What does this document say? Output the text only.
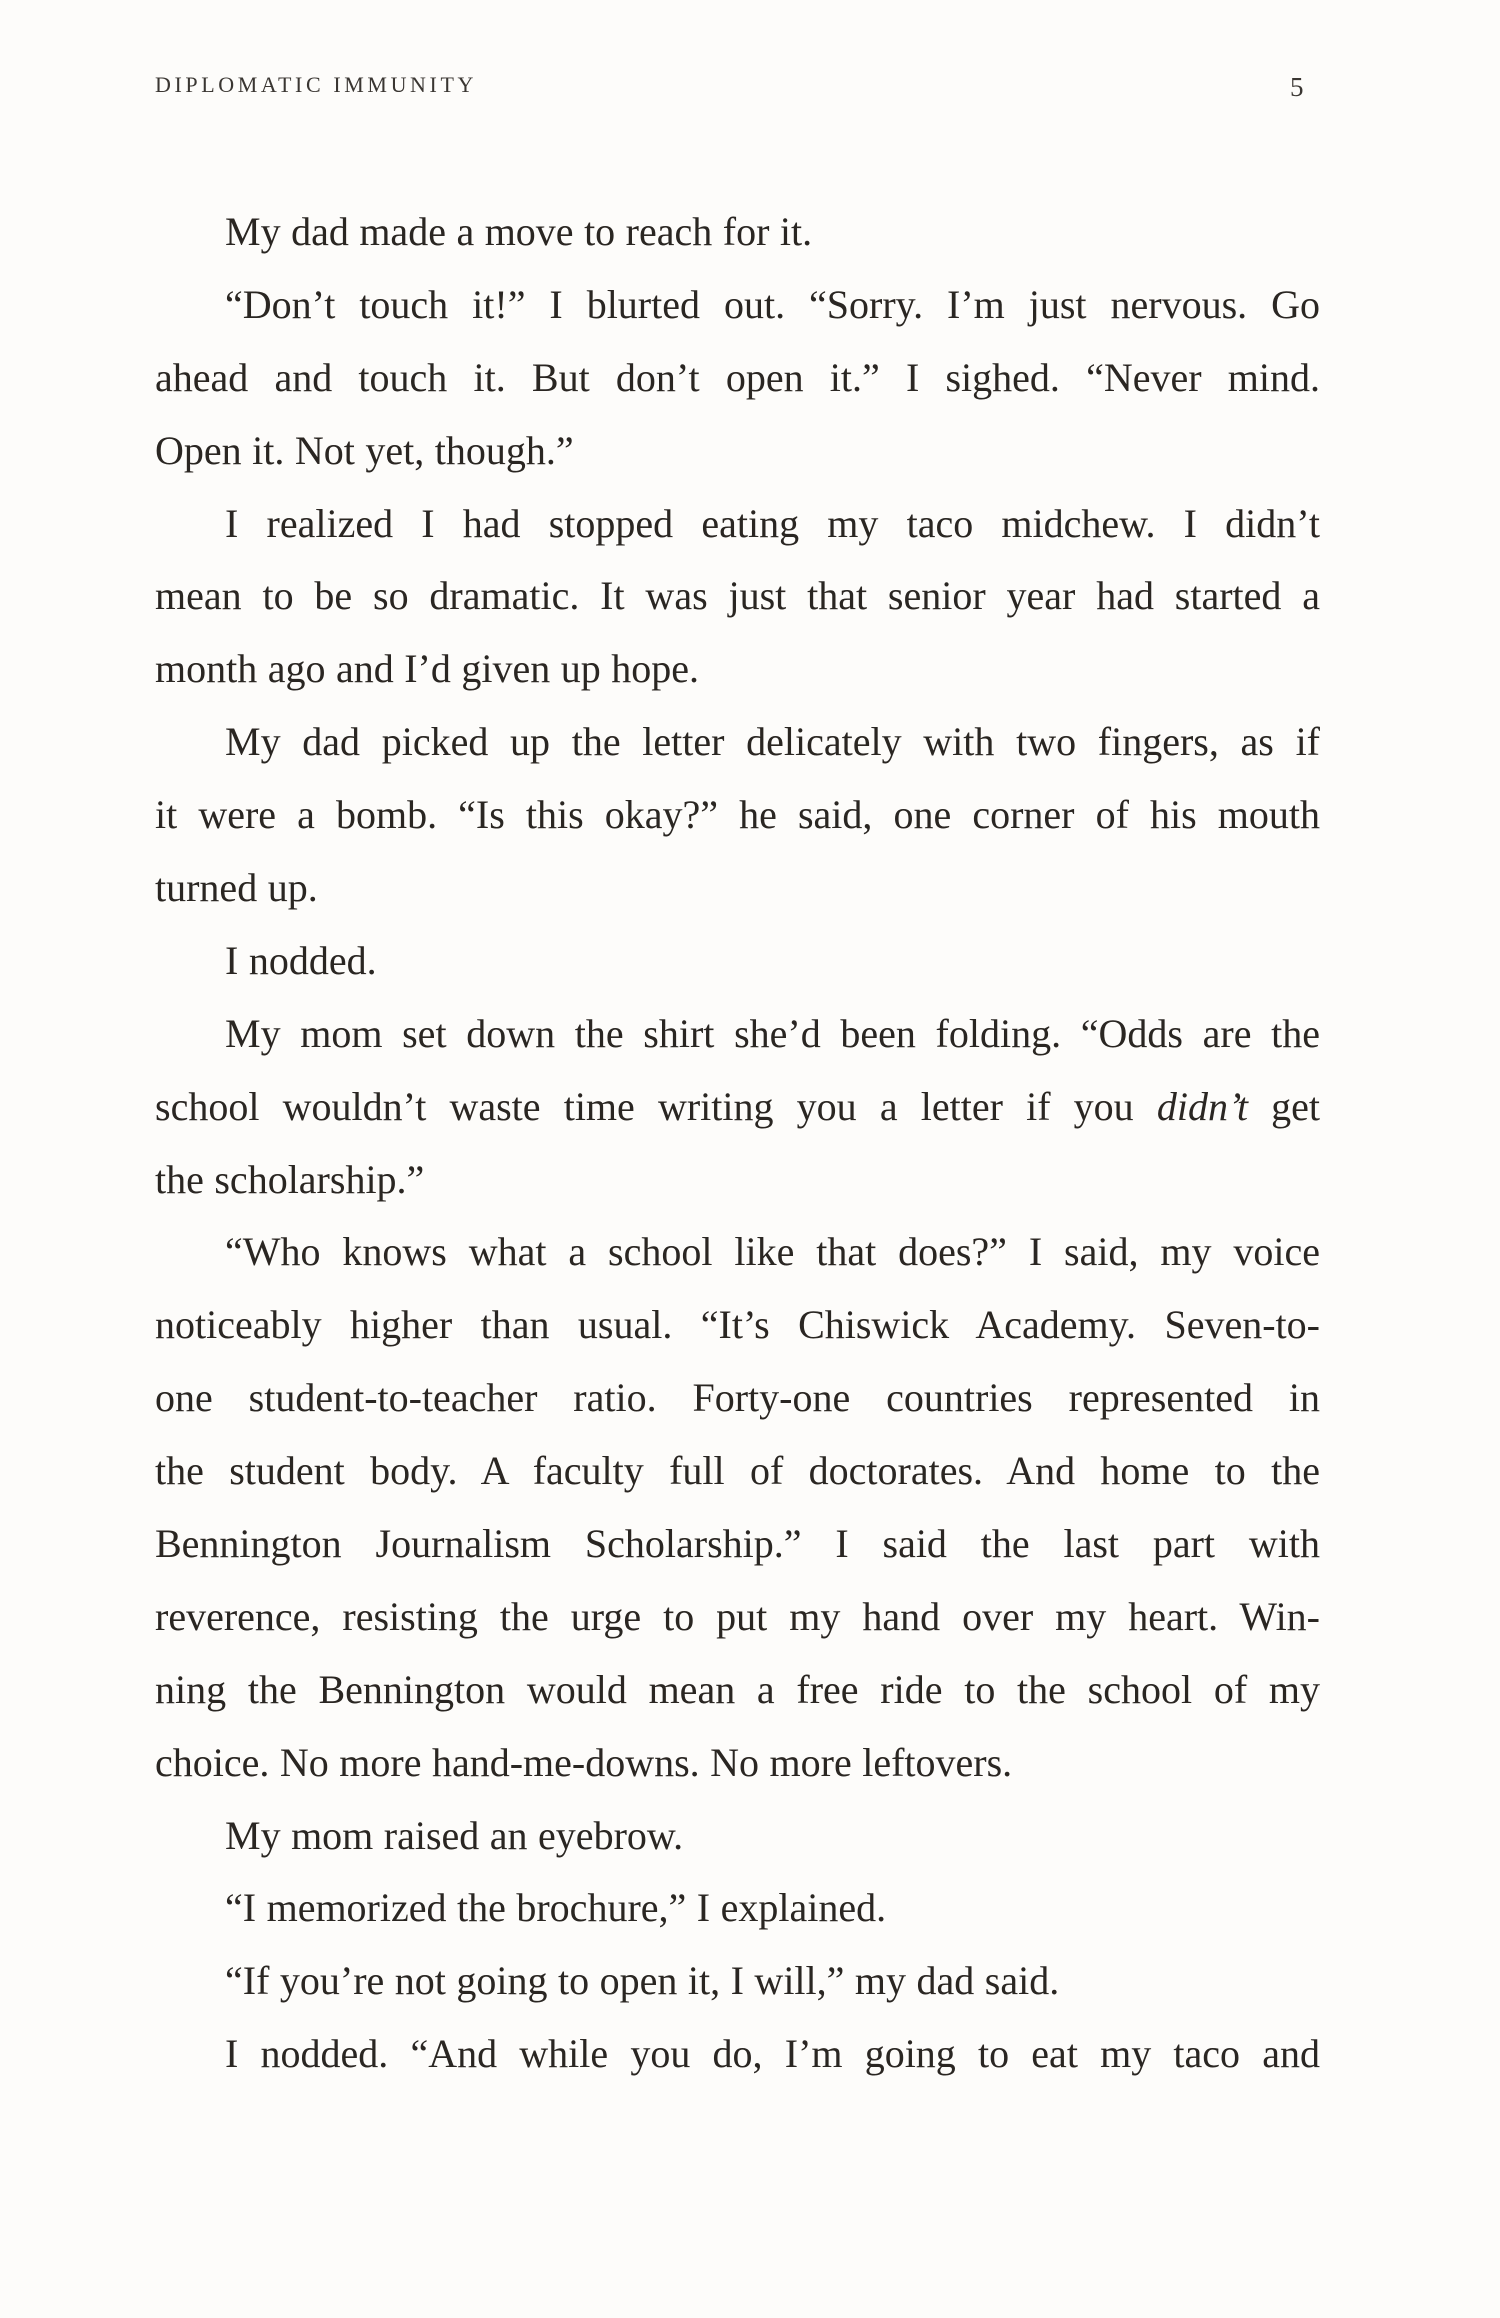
DIPLOMATIC IMMUNITY	5
My dad made a move to reach for it.
“Don’t touch it!” I blurted out. “Sorry. I’m just nervous. Go
ahead and touch it. But don’t open it.” I sighed. “Never mind.
Open it. Not yet, though.”
I realized I had stopped eating my taco midchew. I didn’t
mean to be so dramatic. It was just that senior year had started a
month ago and I’d given up hope.
My dad picked up the letter delicately with two fingers, as if
it were a bomb. “Is this okay?” he said, one corner of his mouth
turned up.
I nodded.
My mom set down the shirt she’d been folding. “Odds are the
school wouldn’t waste time writing you a letter if you didn’t get
the scholarship.”
“Who knows what a school like that does?” I said, my voice
noticeably higher than usual. “It’s Chiswick Academy. Seven-to-
one student-to-teacher ratio. Forty-one countries represented in
the student body. A faculty full of doctorates. And home to the
Bennington Journalism Scholarship.” I said the last part with
reverence, resisting the urge to put my hand over my heart. Win-
ning the Bennington would mean a free ride to the school of my
choice. No more hand-me-downs. No more leftovers.
My mom raised an eyebrow.
“I memorized the brochure,” I explained.
“If you’re not going to open it, I will,” my dad said.
I nodded. “And while you do, I’m going to eat my taco and
